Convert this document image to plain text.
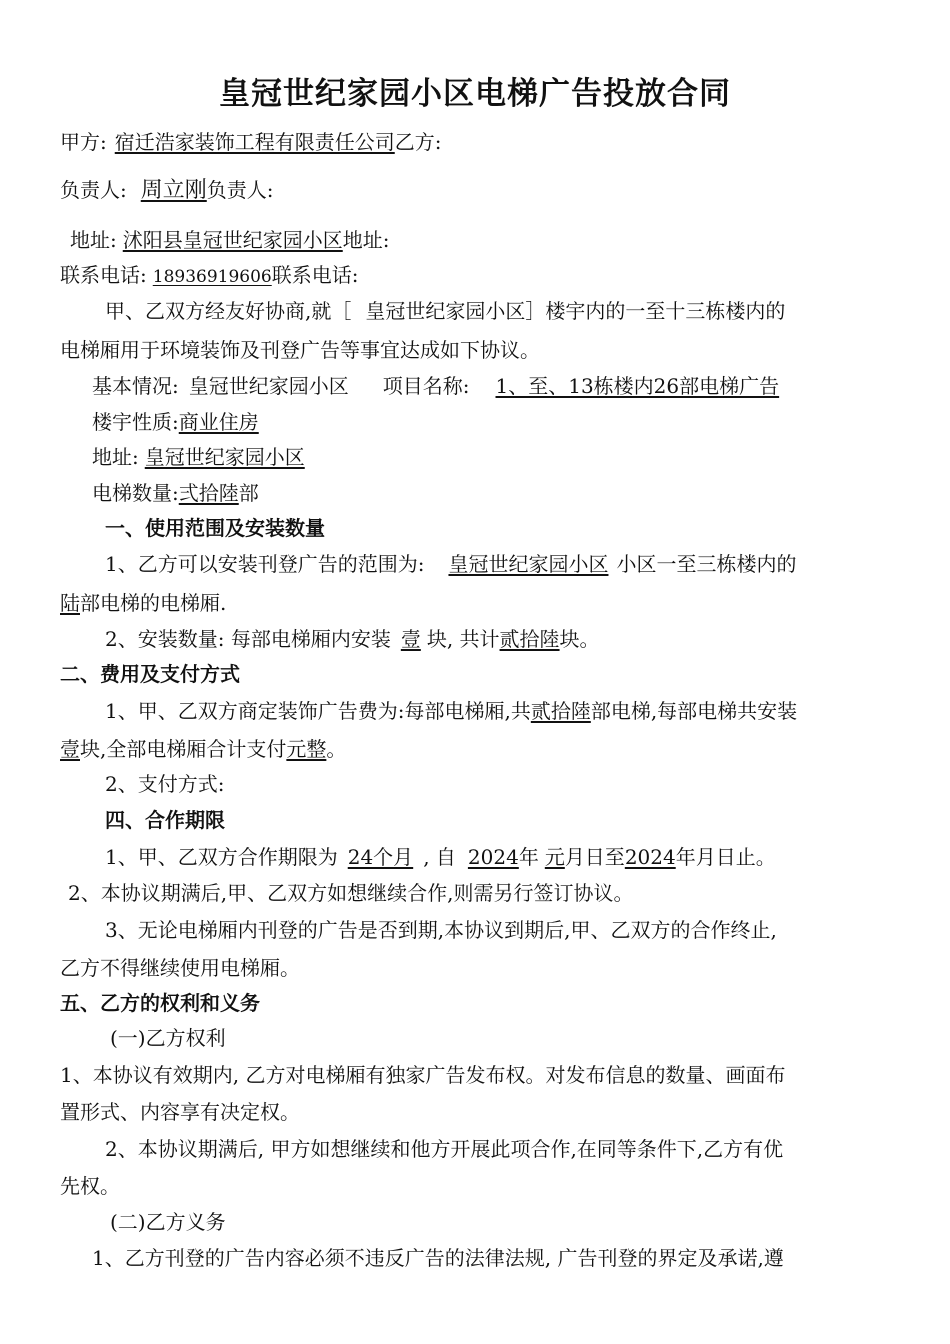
皇冠世纪家园小区电梯广告投放合同
甲方: 宿迁浩家装饰工程有限责任公司乙方:
负责人: 周立刚负责人:
地址: 沭阳县皇冠世纪家园小区地址:
联系电话: 18936919606联系电话:
甲、乙双方经友好协商,就［ 皇冠世纪家园小区］楼宇内的一至十三栋楼内的
电梯厢用于环境装饰及刊登广告等事宜达成如下协议。
基本情况: 皇冠世纪家园小区 项目名称: 1、至、13栋楼内26部电梯广告
楼宇性质:商业住房
地址: 皇冠世纪家园小区
电梯数量:弍拾陸部
一、使用范围及安装数量
1、乙方可以安装刊登广告的范围为: 皇冠世纪家园小区 小区一至三栋楼内的
陆部电梯的电梯厢.
2、安装数量: 每部电梯厢内安装 壹 块, 共计贰拾陸块。
二、费用及支付方式
1、甲、乙双方商定装饰广告费为:每部电梯厢,共贰拾陸部电梯,每部电梯共安装
壹块,全部电梯厢合计支付元整。
2、支付方式:
四、合作期限
1、甲、乙双方合作期限为 24个月 , 自 2024年 元月日至2024年月日止。
2、本协议期满后,甲、乙双方如想继续合作,则需另行签订协议。
3、无论电梯厢内刊登的广告是否到期,本协议到期后,甲、乙双方的合作终止,
乙方不得继续使用电梯厢。
五、乙方的权利和义务
(一)乙方权利
1、本协议有效期内, 乙方对电梯厢有独家广告发布权。对发布信息的数量、画面布
置形式、内容享有决定权。
2、本协议期满后, 甲方如想继续和他方开展此项合作,在同等条件下,乙方有优
先权。
(二)乙方义务
1、乙方刊登的广告内容必须不违反广告的法律法规, 广告刊登的界定及承诺,遵
